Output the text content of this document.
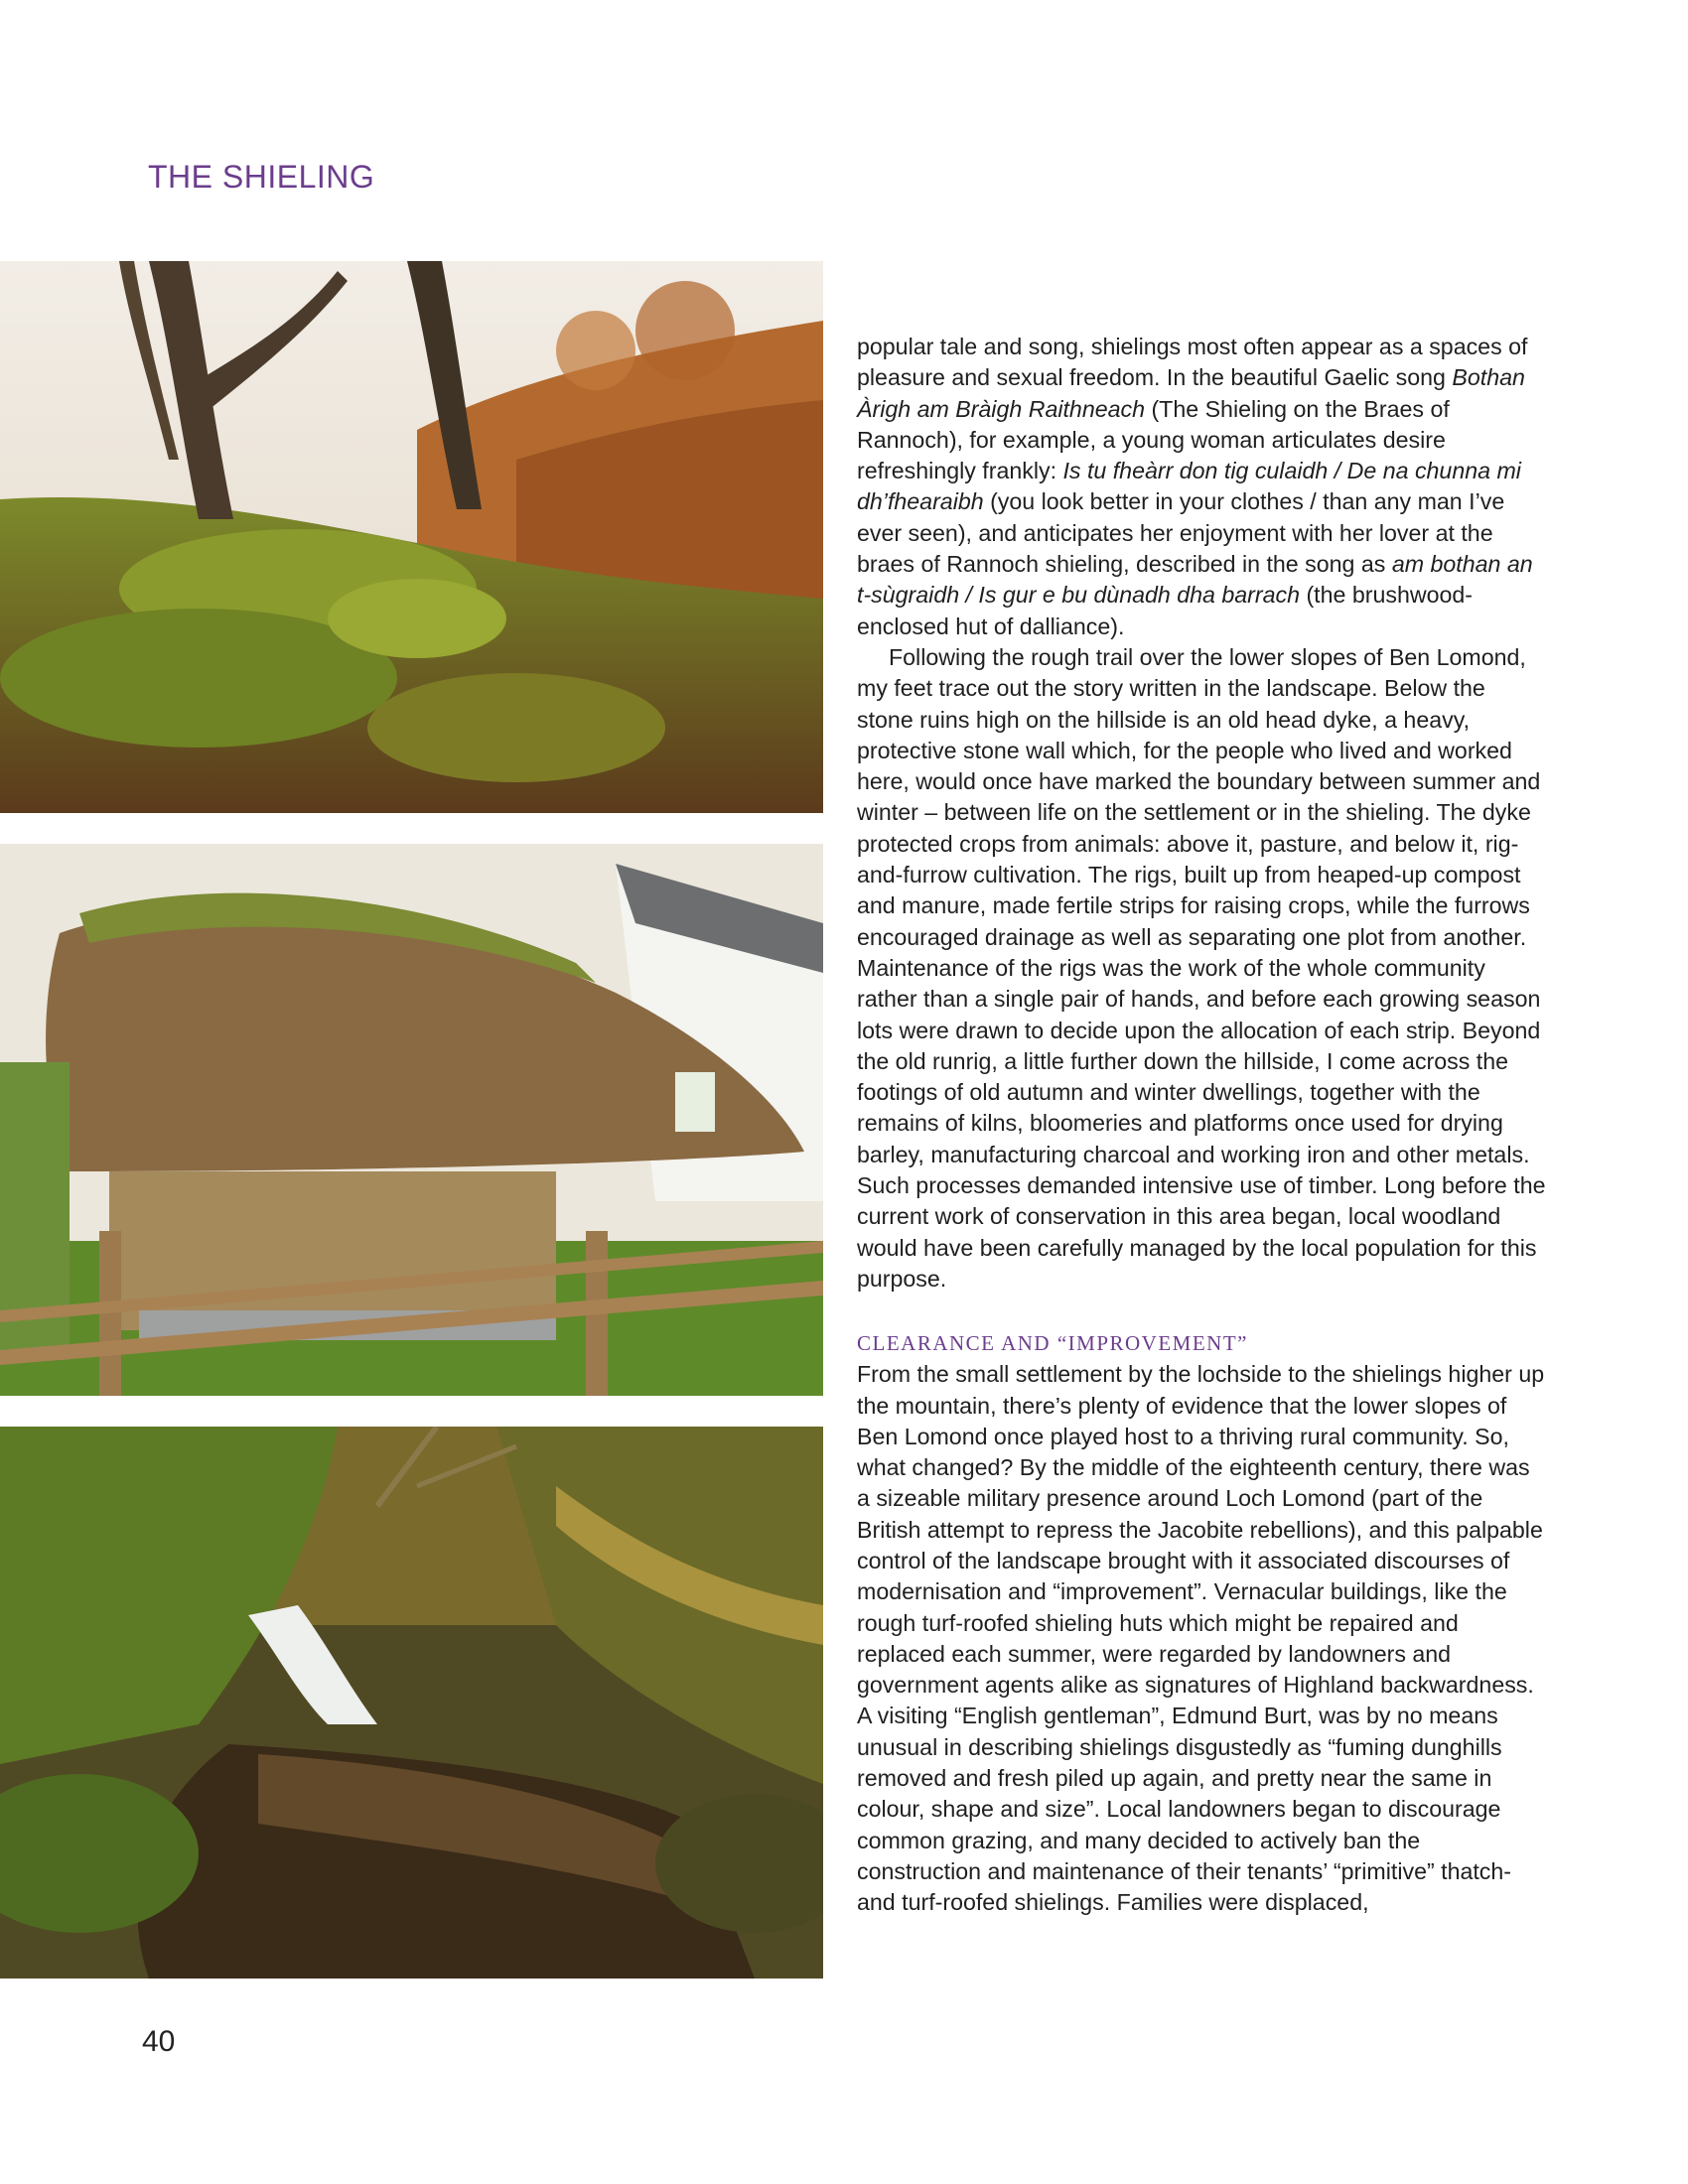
THE SHIELING

popular tale and song, shielings most often appear as a spaces of pleasure and sexual freedom. In the beautiful Gaelic song Bothan Àrigh am Bràigh Raithneach (The Shieling on the Braes of Rannoch), for example, a young woman articulates desire refreshingly frankly: Is tu fheàrr don tig culaidh / De na chunna mi dh’fhearaibh (you look better in your clothes / than any man I’ve ever seen), and anticipates her enjoyment with her lover at the braes of Rannoch shieling, described in the song as am bothan an t-sùgraidh / Is gur e bu dùnadh dha barrach (the brushwood-enclosed hut of dalliance).

Following the rough trail over the lower slopes of Ben Lomond, my feet trace out the story written in the landscape. Below the stone ruins high on the hillside is an old head dyke, a heavy, protective stone wall which, for the people who lived and worked here, would once have marked the boundary between summer and winter – between life on the settlement or in the shieling. The dyke protected crops from animals: above it, pasture, and below it, rig-and-furrow cultivation. The rigs, built up from heaped-up compost and manure, made fertile strips for raising crops, while the furrows encouraged drainage as well as separating one plot from another. Maintenance of the rigs was the work of the whole community rather than a single pair of hands, and before each growing season lots were drawn to decide upon the allocation of each strip. Beyond the old runrig, a little further down the hillside, I come across the footings of old autumn and winter dwellings, together with the remains of kilns, bloomeries and platforms once used for drying barley, manufacturing charcoal and working iron and other metals. Such processes demanded intensive use of timber. Long before the current work of conservation in this area began, local woodland would have been carefully managed by the local population for this purpose.

CLEARANCE AND “IMPROVEMENT”

From the small settlement by the lochside to the shielings higher up the mountain, there’s plenty of evidence that the lower slopes of Ben Lomond once played host to a thriving rural community. So, what changed? By the middle of the eighteenth century, there was a sizeable military presence around Loch Lomond (part of the British attempt to repress the Jacobite rebellions), and this palpable control of the landscape brought with it associated discourses of modernisation and “improvement”. Vernacular buildings, like the rough turf-roofed shieling huts which might be repaired and replaced each summer, were regarded by landowners and government agents alike as signatures of Highland backwardness. A visiting “English gentleman”, Edmund Burt, was by no means unusual in describing shielings disgustedly as “fuming dunghills removed and fresh piled up again, and pretty near the same in colour, shape and size”. Local landowners began to discourage common grazing, and many decided to actively ban the construction and maintenance of their tenants’ “primitive” thatch- and turf-roofed shielings. Families were displaced,

40
